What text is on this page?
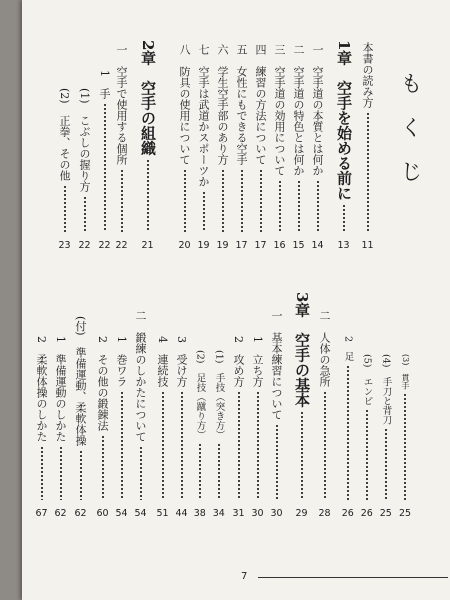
もくじ
7
本書の読み方
11
1章　空手を始める前に
13
一　空手道の本質とは何か
14
二　空手道の特色とは何か
15
三　空手道の効用について
16
四　練習の方法について
17
五　女性にもできる空手
17
六　学生空手部のあり方
19
七　空手は武道かスポーツか
19
八　防具の使用について
20
2章　空手の組織
21
一　空手で使用する個所
22
1　手
22
(1)　こぶしの握り方
22
(2)　正拳、その他
23
(3)　貫手
25
(4)　手刀と背刀
25
(5)　エンピ
26
2　足
26
二　人体の急所
28
3章　空手の基本
29
一　基本練習について
30
1　立ち方
30
2　攻め方
31
(1)　手技（突き方）
34
(2)　足技（蹴り方）
38
3　受け方
44
4　連続技
51
二　鍛練のしかたについて
54
1　巻ワラ
54
2　その他の鍛錬法
60
(付)　準備運動、柔軟体操
62
1　準備運動のしかた
62
2　柔軟体操のしかた
67
